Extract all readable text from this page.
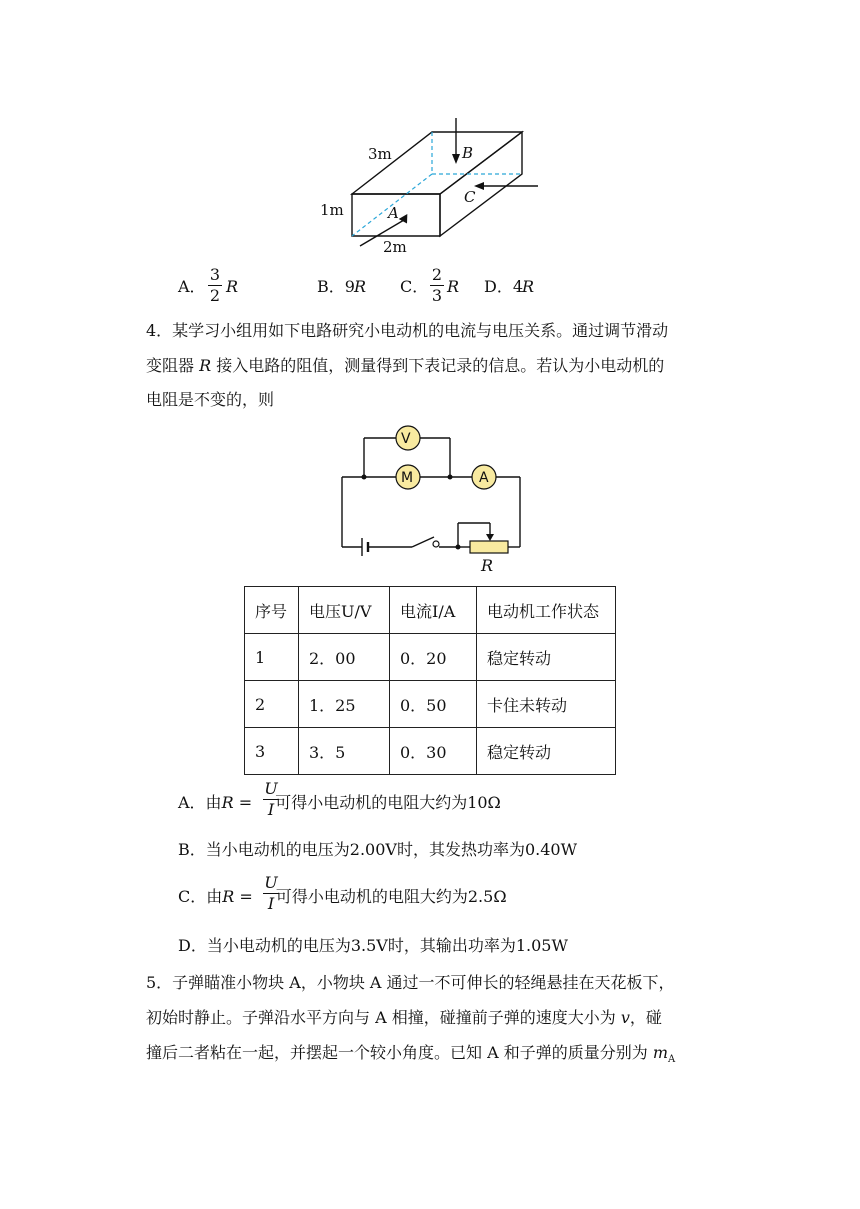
3m
1m
2m
A
B
C
A．
3
2 R	B．9 R C．
2
3 R D．4
R
4．某学习小组用如下电路研究小电动机的电流与电压关系。通过调节滑动
变阻器 R 接入电路的阻值，测量得到下表记录的信息。若认为小电动机的
电阻是不变的，则
V
M	A
R
序号	电压U/V	电流I/A	电动机工作状态
1	2．00	0．20	稳定转动
2	1．25	0．50	卡住未转动
3	3．5	0．30	稳定转动
A．由R = 可得小电动机的电阻大约为10Ω
U
I
B．当小电动机的电压为2.00V时，其发热功率为0.40W
C．由R = 可得小电动机的电阻大约为2.5Ω
U
I
D．当小电动机的电压为3.5V时，其输出功率为1.05W
5．子弹瞄准小物块 A，小物块 A 通过一不可伸长的轻绳悬挂在天花板下，
初始时静止。子弹沿水平方向与 A 相撞，碰撞前子弹的速度大小为 v，碰
撞后二者粘在一起，并摆起一个较小角度。已知 A 和子弹的质量分别为 $m_A$
